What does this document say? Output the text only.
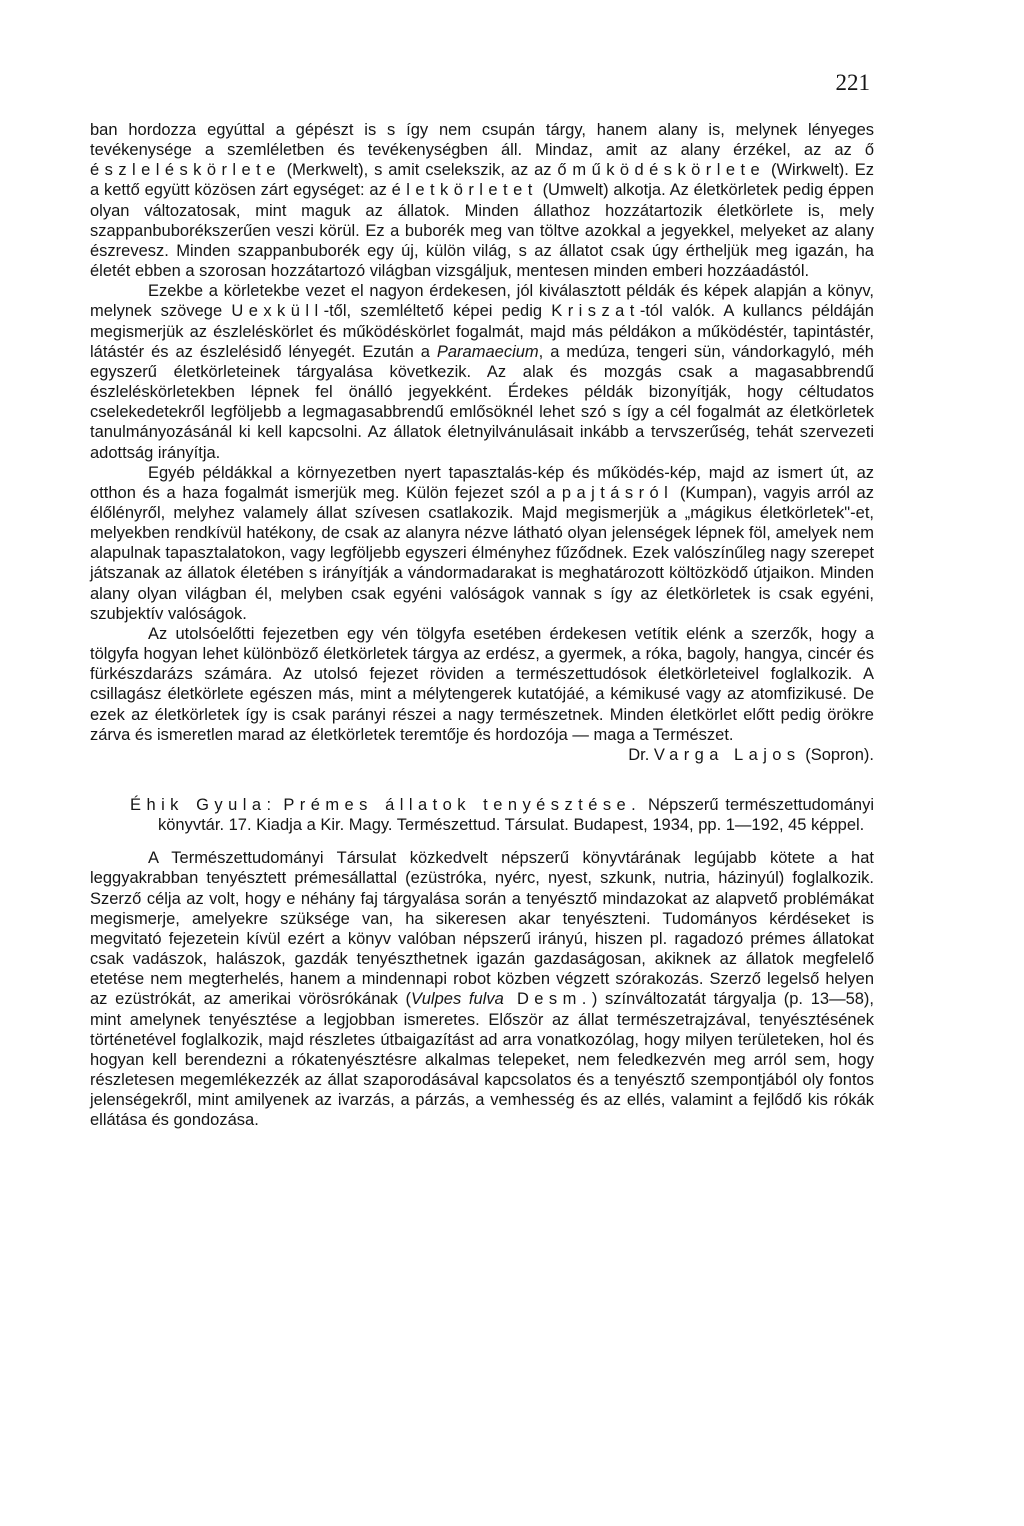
221

ban hordozza egyúttal a gépészt is s így nem csupán tárgy, hanem alany is, melynek lényeges tevékenysége a szemléletben és tevékenységben áll. Mindaz, amit az alany érzékel, az az ő észleléskörlete (Merkwelt), s amit cselekszik, az az ő működéskörlete (Wirkwelt). Ez a kettő együtt közösen zárt egységet: az életkörletet (Umwelt) alkotja. Az életkörletek pedig éppen olyan változatosak, mint maguk az állatok. Minden állathoz hozzátartozik életkörlete is, mely szappanbuborékszerűen veszi körül. Ez a buborék meg van töltve azokkal a jegyekkel, melyeket az alany észrevesz. Minden szappanbuborék egy új, külön világ, s az állatot csak úgy értheljük meg igazán, ha életét ebben a szorosan hozzátartozó világban vizsgáljuk, mentesen minden emberi hozzáadástól.

Ezekbe a körletekbe vezet el nagyon érdekesen, jól kiválasztott példák és képek alapján a könyv, melynek szövege Uexküll-től, szemléltető képei pedig Kriszat-tól valók. A kullancs példáján megismerjük az észleléskörlet és működéskörlet fogalmát, majd más példákon a működéstér, tapintástér, látástér és az észlelésidő lényegét. Ezután a Paramaecium, a medúza, tengeri sün, vándorkagyló, méh egyszerű életkörleteinek tárgyalása következik. Az alak és mozgás csak a magasabbrendű észleléskörletekben lépnek fel önálló jegyekként. Érdekes példák bizonyítják, hogy céltudatos cselekedetekről legföljebb a legmagasabbrendű emlősöknél lehet szó s így a cél fogalmát az életkörletek tanulmányozásánál ki kell kapcsolni. Az állatok életnyilvánulásait inkább a tervszerűség, tehát szervezeti adottság irányítja.

Egyéb példákkal a környezetben nyert tapasztalás-kép és működés-kép, majd az ismert út, az otthon és a haza fogalmát ismerjük meg. Külön fejezet szól a pajtásról (Kumpan), vagyis arról az élőlényről, melyhez valamely állat szívesen csatlakozik. Majd megismerjük a „mágikus életkörletek"-et, melyekben rendkívül hatékony, de csak az alanyra nézve látható olyan jelenségek lépnek föl, amelyek nem alapulnak tapasztalatokon, vagy legföljebb egyszeri élményhez fűződnek. Ezek valószínűleg nagy szerepet játszanak az állatok életében s irányítják a vándormadarakat is meghatározott költözködő útjaikon. Minden alany olyan világban él, melyben csak egyéni valóságok vannak s így az életkörletek is csak egyéni, szubjektív valóságok.

Az utolsóelőtti fejezetben egy vén tölgyfa esetében érdekesen vetítik elénk a szerzők, hogy a tölgyfa hogyan lehet különböző életkörletek tárgya az erdész, a gyermek, a róka, bagoly, hangya, cincér és fürkészdarázs számára. Az utolsó fejezet röviden a természettudósok életkörleteivel foglalkozik. A csillagász életkörlete egészen más, mint a mélytengerek kutatójáé, a kémikusé vagy az atomfizikusé. De ezek az életkörletek így is csak parányi részei a nagy természetnek. Minden életkörlet előtt pedig örökre zárva és ismeretlen marad az életkörletek teremtője és hordozója — maga a Természet.

Dr. Varga Lajos (Sopron).

Éhik Gyula: Prémes állatok tenyésztése. Népszerű természettudományi könyvtár. 17. Kiadja a Kir. Magy. Természettud. Társulat. Budapest, 1934, pp. 1—192, 45 képpel.

A Természettudományi Társulat közkedvelt népszerű könyvtárának legújabb kötete a hat leggyakrabban tenyésztett prémesállattal (ezüstróka, nyérc, nyest, szkunk, nutria, házinyúl) foglalkozik. Szerző célja az volt, hogy e néhány faj tárgyalása során a tenyésztő mindazokat az alapvető problémákat megismerje, amelyekre szüksége van, ha sikeresen akar tenyészteni. Tudományos kérdéseket is megvitató fejezetein kívül ezért a könyv valóban népszerű irányú, hiszen pl. ragadozó prémes állatokat csak vadászok, halászok, gazdák tenyészthetnek igazán gazdaságosan, akiknek az állatok megfelelő etetése nem megterhelés, hanem a mindennapi robot közben végzett szórakozás. Szerző legelső helyen az ezüstrókát, az amerikai vörösrókának (Vulpes fulva Desm.) színváltozatát tárgyalja (p. 13—58), mint amelynek tenyésztése a legjobban ismeretes. Először az állat természetrajzával, tenyésztésének történetével foglalkozik, majd részletes útbaigazítást ad arra vonatkozólag, hogy milyen területeken, hol és hogyan kell berendezni a rókatenyésztésre alkalmas telepeket, nem feledkezvén meg arról sem, hogy részletesen megemlékezzék az állat szaporodásával kapcsolatos és a tenyésztő szempontjából oly fontos jelenségekről, mint amilyenek az ivarzás, a párzás, a vemhesség és az ellés, valamint a fejlődő kis rókák ellátása és gondozása.
